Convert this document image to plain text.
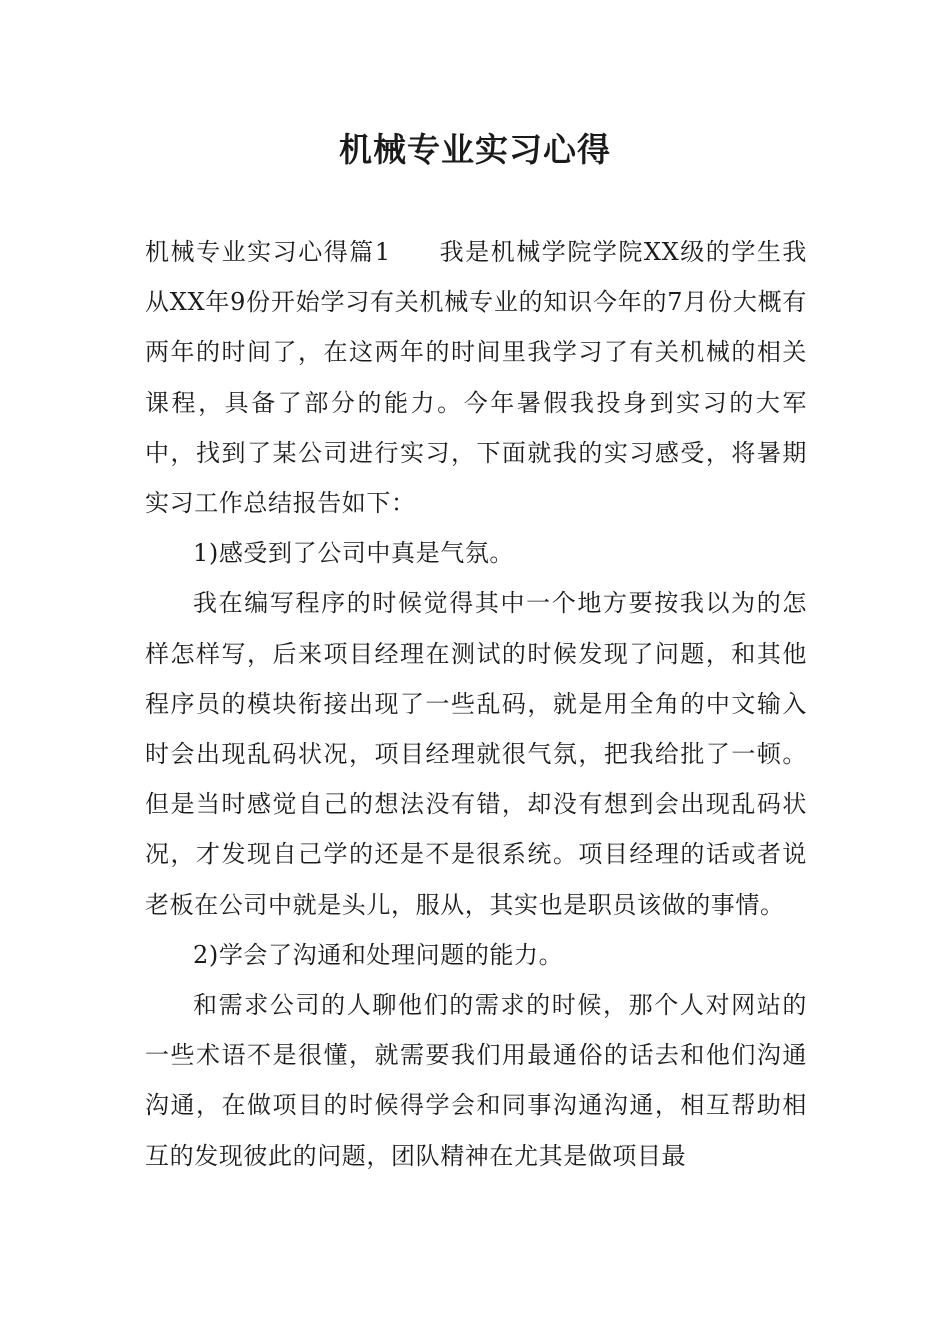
机械专业实习心得

机械专业实习心得篇1 我是机械学院学院XX级的学生我从XX年9份开始学习有关机械专业的知识今年的7月份大概有两年的时间了，在这两年的时间里我学习了有关机械的相关课程，具备了部分的能力。今年暑假我投身到实习的大军中，找到了某公司进行实习，下面就我的实习感受，将暑期实习工作总结报告如下：

1)感受到了公司中真是气氛。

我在编写程序的时候觉得其中一个地方要按我以为的怎样怎样写，后来项目经理在测试的时候发现了问题，和其他程序员的模块衔接出现了一些乱码，就是用全角的中文输入时会出现乱码状况，项目经理就很气氛，把我给批了一顿。但是当时感觉自己的想法没有错，却没有想到会出现乱码状况，才发现自己学的还是不是很系统。项目经理的话或者说老板在公司中就是头儿，服从，其实也是职员该做的事情。

2)学会了沟通和处理问题的能力。

和需求公司的人聊他们的需求的时候，那个人对网站的一些术语不是很懂，就需要我们用最通俗的话去和他们沟通沟通，在做项目的时候得学会和同事沟通沟通，相互帮助相互的发现彼此的问题，团队精神在尤其是做项目最
